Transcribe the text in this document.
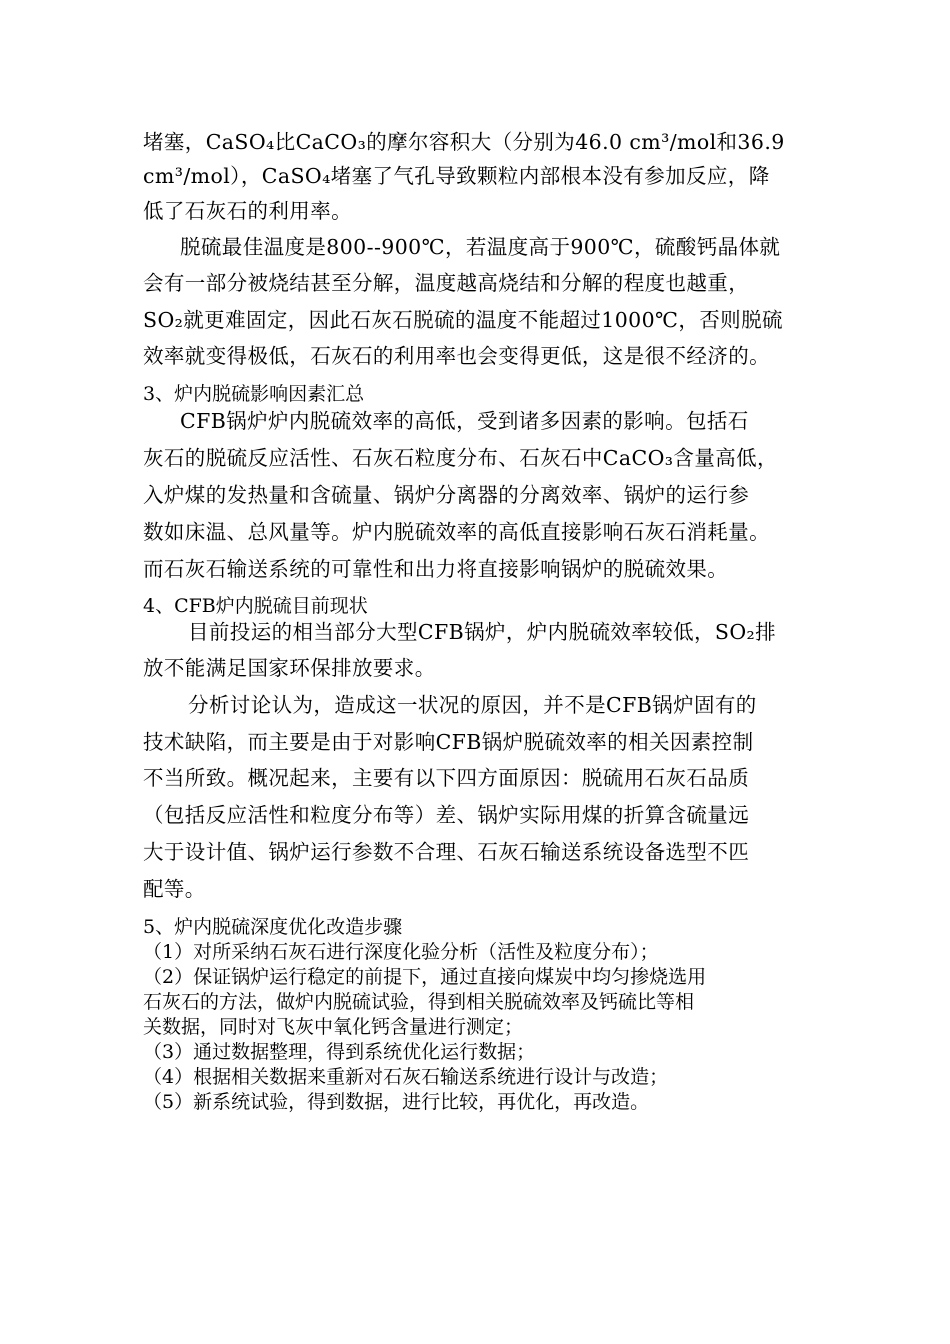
堵塞，CaSO₄比CaCO₃的摩尔容积大（分别为46.0 cm³/mol和36.9
cm³/mol），CaSO₄堵塞了气孔导致颗粒内部根本没有参加反应，降
低了石灰石的利用率。
脱硫最佳温度是800--900℃，若温度高于900℃，硫酸钙晶体就
会有一部分被烧结甚至分解，温度越高烧结和分解的程度也越重，
SO₂就更难固定，因此石灰石脱硫的温度不能超过1000℃，否则脱硫
效率就变得极低，石灰石的利用率也会变得更低，这是很不经济的。
3、炉内脱硫影响因素汇总
CFB锅炉炉内脱硫效率的高低，受到诸多因素的影响。包括石
灰石的脱硫反应活性、石灰石粒度分布、石灰石中CaCO₃含量高低，
入炉煤的发热量和含硫量、锅炉分离器的分离效率、锅炉的运行参
数如床温、总风量等。炉内脱硫效率的高低直接影响石灰石消耗量。
而石灰石输送系统的可靠性和出力将直接影响锅炉的脱硫效果。
4、CFB炉内脱硫目前现状
目前投运的相当部分大型CFB锅炉，炉内脱硫效率较低，SO₂排
放不能满足国家环保排放要求。
分析讨论认为，造成这一状况的原因，并不是CFB锅炉固有的
技术缺陷，而主要是由于对影响CFB锅炉脱硫效率的相关因素控制
不当所致。概况起来，主要有以下四方面原因：脱硫用石灰石品质
（包括反应活性和粒度分布等）差、锅炉实际用煤的折算含硫量远
大于设计值、锅炉运行参数不合理、石灰石输送系统设备选型不匹
配等。
5、炉内脱硫深度优化改造步骤
（1）对所采纳石灰石进行深度化验分析（活性及粒度分布）；
（2）保证锅炉运行稳定的前提下，通过直接向煤炭中均匀掺烧选用
石灰石的方法，做炉内脱硫试验，得到相关脱硫效率及钙硫比等相
关数据，同时对飞灰中氧化钙含量进行测定；
（3）通过数据整理，得到系统优化运行数据；
（4）根据相关数据来重新对石灰石输送系统进行设计与改造；
（5）新系统试验，得到数据，进行比较，再优化，再改造。
